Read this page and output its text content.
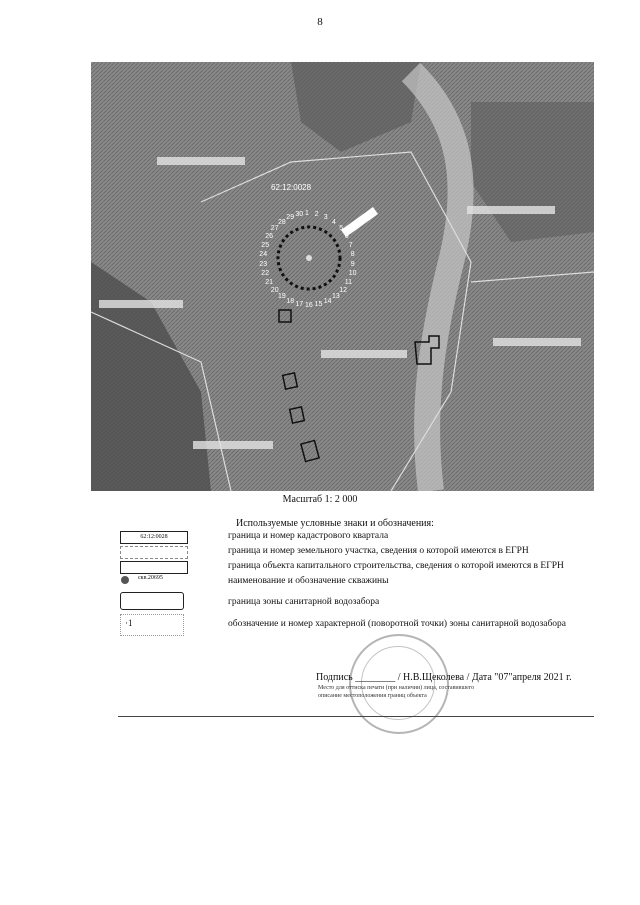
8
62:12:0028
1 2 3
4
5
6
7
8
9
10
11
12
13
14
15
16
17
18
19
20
21
22
23
24
25
26
27
28
29 30
Масштаб 1: 2 000
Используемые условные знаки и обозначения:
62:12:0028	граница и номер кадастрового квартала
граница и номер земельного участка, сведения о которой имеются в ЕГРН
граница объекта капитального строительства, сведения о которой имеются в ЕГРН
скв.20695	наименование и обозначение скважины
граница зоны санитарной водозабора
·1	обозначение и номер характерной (поворотной точки) зоны санитарной водозабора
Подпись ________ / Н.В.Щеколева / Дата "07"апреля 2021 г.
Место для оттиска печати (при наличии) лица, составившего описание местоположения границ объекта
